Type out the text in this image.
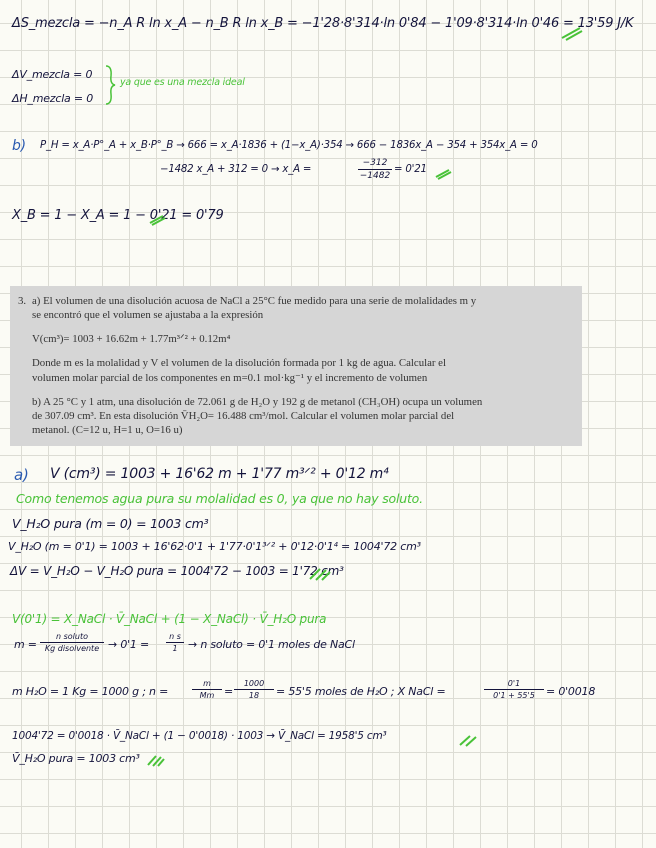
ΔS_mezcla = −n_A R ln x_A − n_B R ln x_B = −1'28·8'314·ln 0'84 − 1'09·8'314·ln 0'46 = 13'59 J/K
ΔV_mezcla = 0
ΔH_mezcla = 0
ya que es una mezcla ideal
b) P_H = x_A·P°_A + x_B·P°_B → 666 = x_A·1836 + (1−x_A)·354 → 666 − 1836x_A − 354 + 354x_A = 0
−1482 x_A + 312 = 0 → x_A =
−312
−1482
= 0'21
X_B = 1 − X_A = 1 − 0'21 = 0'79
3. a) El volumen de una disolución acuosa de NaCl a 25°C fue medido para una serie de molalidades m y
se encontró que el volumen se ajustaba a la expresión
V(cm³)= 1003 + 16.62m + 1.77m³ᐟ² + 0.12m⁴
Donde m es la molalidad y V el volumen de la disolución formada por 1 kg de agua. Calcular el
volumen molar parcial de los componentes en m=0.1 mol·kg⁻¹ y el incremento de volumen
b) A 25 °C y 1 atm, una disolución de 72.061 g de H₂O y 192 g de metanol (CH₃OH) ocupa un volumen
de 307.09 cm³. En esta disolución V̄H₂O= 16.488 cm³/mol. Calcular el volumen molar parcial del
metanol. (C=12 u, H=1 u, O=16 u)
a) V (cm³) = 1003 + 16'62 m + 1'77 m³ᐟ² + 0'12 m⁴
Como tenemos agua pura su molalidad es 0, ya que no hay soluto.
V_H₂O pura (m = 0) = 1003 cm³
V_H₂O (m = 0'1) = 1003 + 16'62·0'1 + 1'77·0'1³ᐟ² + 0'12·0'1⁴ = 1004'72 cm³
ΔV = V_H₂O − V_H₂O pura = 1004'72 − 1003 = 1'72 cm³
V(0'1) = X_NaCl · V̄_NaCl + (1 − X_NaCl) · V̄_H₂O pura
m =
n soluto
Kg disolvente → 0'1 =
n s
1 → n soluto = 0'1 moles de NaCl
m H₂O = 1 Kg = 1000 g ; n =
m
Mm =
1000
18	= 55'5 moles de H₂O ; X NaCl =
0'1
0'1 + 55'5	= 0'0018
1004'72 = 0'0018 · V̄_NaCl + (1 − 0'0018) · 1003 → V̄_NaCl = 1958'5 cm³
V̄_H₂O pura = 1003 cm³
